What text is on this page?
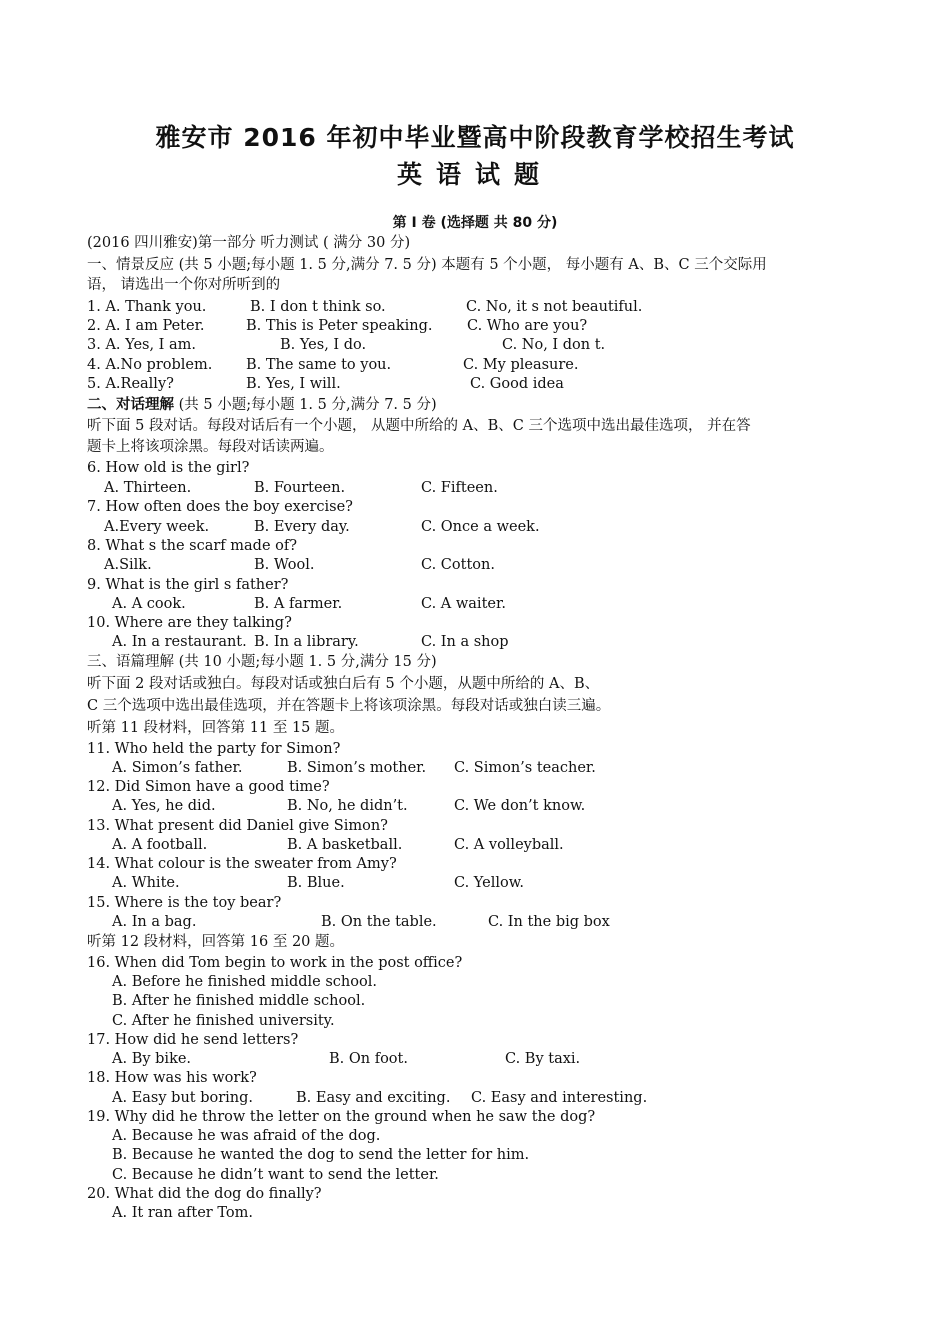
雅安市 2016 年初中毕业暨高中阶段教育学校招生考试
英语试题
第 I 卷 (选择题 共 80 分)
(2016 四川雅安)第一部分 听力测试 ( 满分 30 分)
一、情景反应 (共 5 小题;每小题 1. 5 分,满分 7. 5 分) 本题有 5 个小题， 每小题有 A、B、C 三个交际用
语， 请选出一个你对所听到的
1. A. Thank you.	B. I don t think so.	C. No, it s not beautiful.
2. A. I am Peter.	B. This is Peter speaking. C. Who are you?
3. A. Yes, I am.	B. Yes, I do.	C. No, I don t.
4. A.No problem. B. The same to you.	C. My pleasure.
5. A.Really?	B. Yes, I will.	C. Good idea
二、对话理解 (共 5 小题;每小题 1. 5 分,满分 7. 5 分)
听下面 5 段对话。每段对话后有一个小题， 从题中所给的 A、B、C 三个选项中选出最佳选项， 并在答
题卡上将该项涂黑。每段对话读两遍。
6. How old is the girl?
A. Thirteen.	B. Fourteen.	C. Fifteen.
7. How often does the boy exercise?
A.Every week.	B. Every day.	C. Once a week.
8. What s the scarf made of?
A.Silk.	B. Wool.	C. Cotton.
9. What is the girl s father?
A. A cook.	B. A farmer.	C. A waiter.
10. Where are they talking?
A. In a restaurant. B. In a library.	C. In a shop
三、语篇理解 (共 10 小题;每小题 1. 5 分,满分 15 分)
听下面 2 段对话或独白。每段对话或独白后有 5 个小题，从题中所给的 A、B、
C 三个选项中选出最佳选项，并在答题卡上将该项涂黑。每段对话或独白读三遍。
听第 11 段材料，回答第 11 至 15 题。
11. Who held the party for Simon?
A. Simon’s father.	B. Simon’s mother. C. Simon’s teacher.
12. Did Simon have a good time?
A. Yes, he did.	B. No, he didn’t.	C. We don’t know.
13. What present did Daniel give Simon?
A. A football.	B. A basketball.	C. A volleyball.
14. What colour is the sweater from Amy?
A. White.	B. Blue.	C. Yellow.
15. Where is the toy bear?
A. In a bag.	B. On the table.	C. In the big box
听第 12 段材料，回答第 16 至 20 题。
16. When did Tom begin to work in the post office?
A. Before he finished middle school.
B. After he finished middle school.
C. After he finished university.
17. How did he send letters?
A. By bike.	B. On foot.	C. By taxi.
18. How was his work?
A. Easy but boring.	B. Easy and exciting. C. Easy and interesting.
19. Why did he throw the letter on the ground when he saw the dog?
A. Because he was afraid of the dog.
B. Because he wanted the dog to send the letter for him.
C. Because he didn’t want to send the letter.
20. What did the dog do finally?
A. It ran after Tom.
